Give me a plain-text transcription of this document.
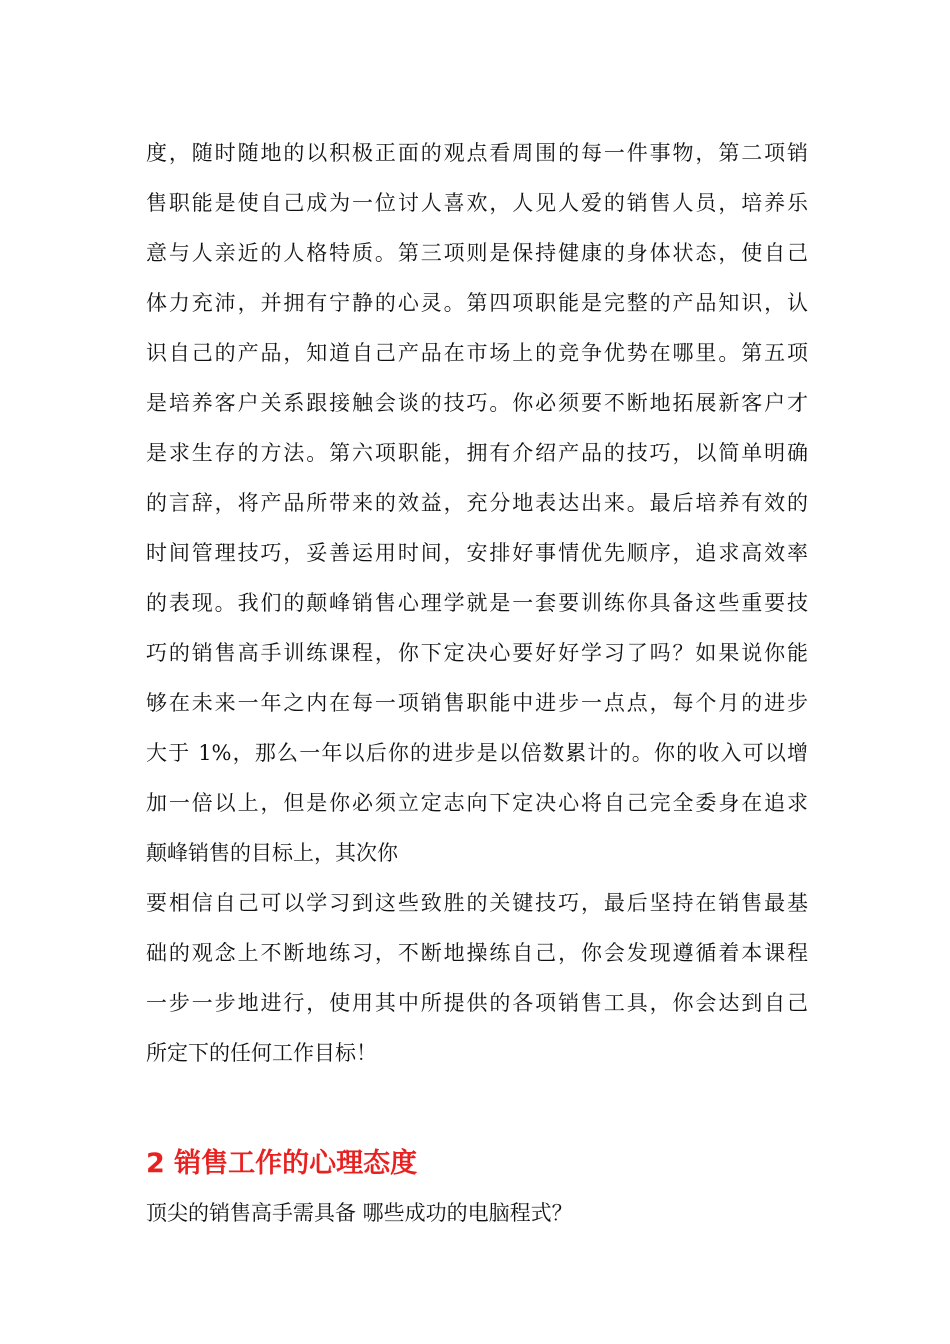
度，随时随地的以积极正面的观点看周围的每一件事物，第二项销
售职能是使自己成为一位讨人喜欢，人见人爱的销售人员，培养乐
意与人亲近的人格特质。第三项则是保持健康的身体状态，使自己
体力充沛，并拥有宁静的心灵。第四项职能是完整的产品知识，认
识自己的产品，知道自己产品在市场上的竞争优势在哪里。第五项
是培养客户关系跟接触会谈的技巧。你必须要不断地拓展新客户才
是求生存的方法。第六项职能，拥有介绍产品的技巧，以简单明确
的言辞，将产品所带来的效益，充分地表达出来。最后培养有效的
时间管理技巧，妥善运用时间，安排好事情优先顺序，追求高效率
的表现。我们的颠峰销售心理学就是一套要训练你具备这些重要技
巧的销售高手训练课程，你下定决心要好好学习了吗？如果说你能
够在未来一年之内在每一项销售职能中进步一点点，每个月的进步
大于 1%，那么一年以后你的进步是以倍数累计的。你的收入可以增
加一倍以上，但是你必须立定志向下定决心将自己完全委身在追求
颠峰销售的目标上，其次你
要相信自己可以学习到这些致胜的关键技巧，最后坚持在销售最基
础的观念上不断地练习，不断地操练自己，你会发现遵循着本课程
一步一步地进行，使用其中所提供的各项销售工具，你会达到自己
所定下的任何工作目标！
2 销售工作的心理态度

顶尖的销售高手需具备 哪些成功的电脑程式？
